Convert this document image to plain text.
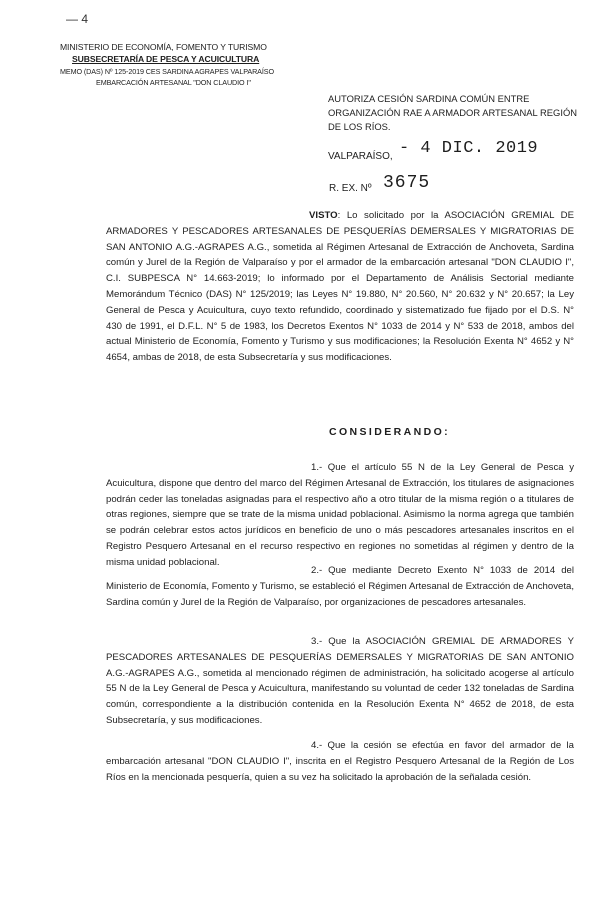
— 4
MINISTERIO DE ECONOMÍA, FOMENTO Y TURISMO
SUBSECRETARÍA DE PESCA Y ACUICULTURA
MEMO (DAS) Nº 125-2019 CES SARDINA AGRAPES VALPARAÍSO
EMBARCACIÓN ARTESANAL "DON CLAUDIO I"
AUTORIZA CESIÓN SARDINA COMÚN ENTRE ORGANIZACIÓN RAE A ARMADOR ARTESANAL REGIÓN DE LOS RÍOS.
- 4 DIC. 2019
VALPARAÍSO,
R. EX. Nº 3675

VISTO: Lo solicitado por la ASOCIACIÓN GREMIAL DE ARMADORES Y PESCADORES ARTESANALES DE PESQUERÍAS DEMERSALES Y MIGRATORIAS DE SAN ANTONIO A.G.-AGRAPES A.G., sometida al Régimen Artesanal de Extracción de Anchoveta, Sardina común y Jurel de la Región de Valparaíso y por el armador de la embarcación artesanal "DON CLAUDIO I", C.I. SUBPESCA N° 14.663-2019; lo informado por el Departamento de Análisis Sectorial mediante Memorándum Técnico (DAS) N° 125/2019; las Leyes N° 19.880, N° 20.560, N° 20.632 y N° 20.657; la Ley General de Pesca y Acuicultura, cuyo texto refundido, coordinado y sistematizado fue fijado por el D.S. N° 430 de 1991, el D.F.L. N° 5 de 1983, los Decretos Exentos N° 1033 de 2014 y N° 533 de 2018, ambos del actual Ministerio de Economía, Fomento y Turismo y sus modificaciones; la Resolución Exenta N° 4652 y N° 4654, ambas de 2018, de esta Subsecretaría y sus modificaciones.

CONSIDERANDO:

1.- Que el artículo 55 N de la Ley General de Pesca y Acuicultura, dispone que dentro del marco del Régimen Artesanal de Extracción, los titulares de asignaciones podrán ceder las toneladas asignadas para el respectivo año a otro titular de la misma región o a titulares de otras regiones, siempre que se trate de la misma unidad poblacional. Asimismo la norma agrega que también se podrán celebrar estos actos jurídicos en beneficio de uno o más pescadores artesanales inscritos en el Registro Pesquero Artesanal en el recurso respectivo en regiones no sometidas al régimen y dentro de la misma unidad poblacional.

2.- Que mediante Decreto Exento N° 1033 de 2014 del Ministerio de Economía, Fomento y Turismo, se estableció el Régimen Artesanal de Extracción de Anchoveta, Sardina común y Jurel de la Región de Valparaíso, por organizaciones de pescadores artesanales.

3.- Que la ASOCIACIÓN GREMIAL DE ARMADORES Y PESCADORES ARTESANALES DE PESQUERÍAS DEMERSALES Y MIGRATORIAS DE SAN ANTONIO A.G.-AGRAPES A.G., sometida al mencionado régimen de administración, ha solicitado acogerse al artículo 55 N de la Ley General de Pesca y Acuicultura, manifestando su voluntad de ceder 132 toneladas de Sardina común, correspondiente a la distribución contenida en la Resolución Exenta N° 4652 de 2018, de esta Subsecretaría, y sus modificaciones.

4.- Que la cesión se efectúa en favor del armador de la embarcación artesanal "DON CLAUDIO I", inscrita en el Registro Pesquero Artesanal de la Región de Los Ríos en la mencionada pesquería, quien a su vez ha solicitado la aprobación de la señalada cesión.
